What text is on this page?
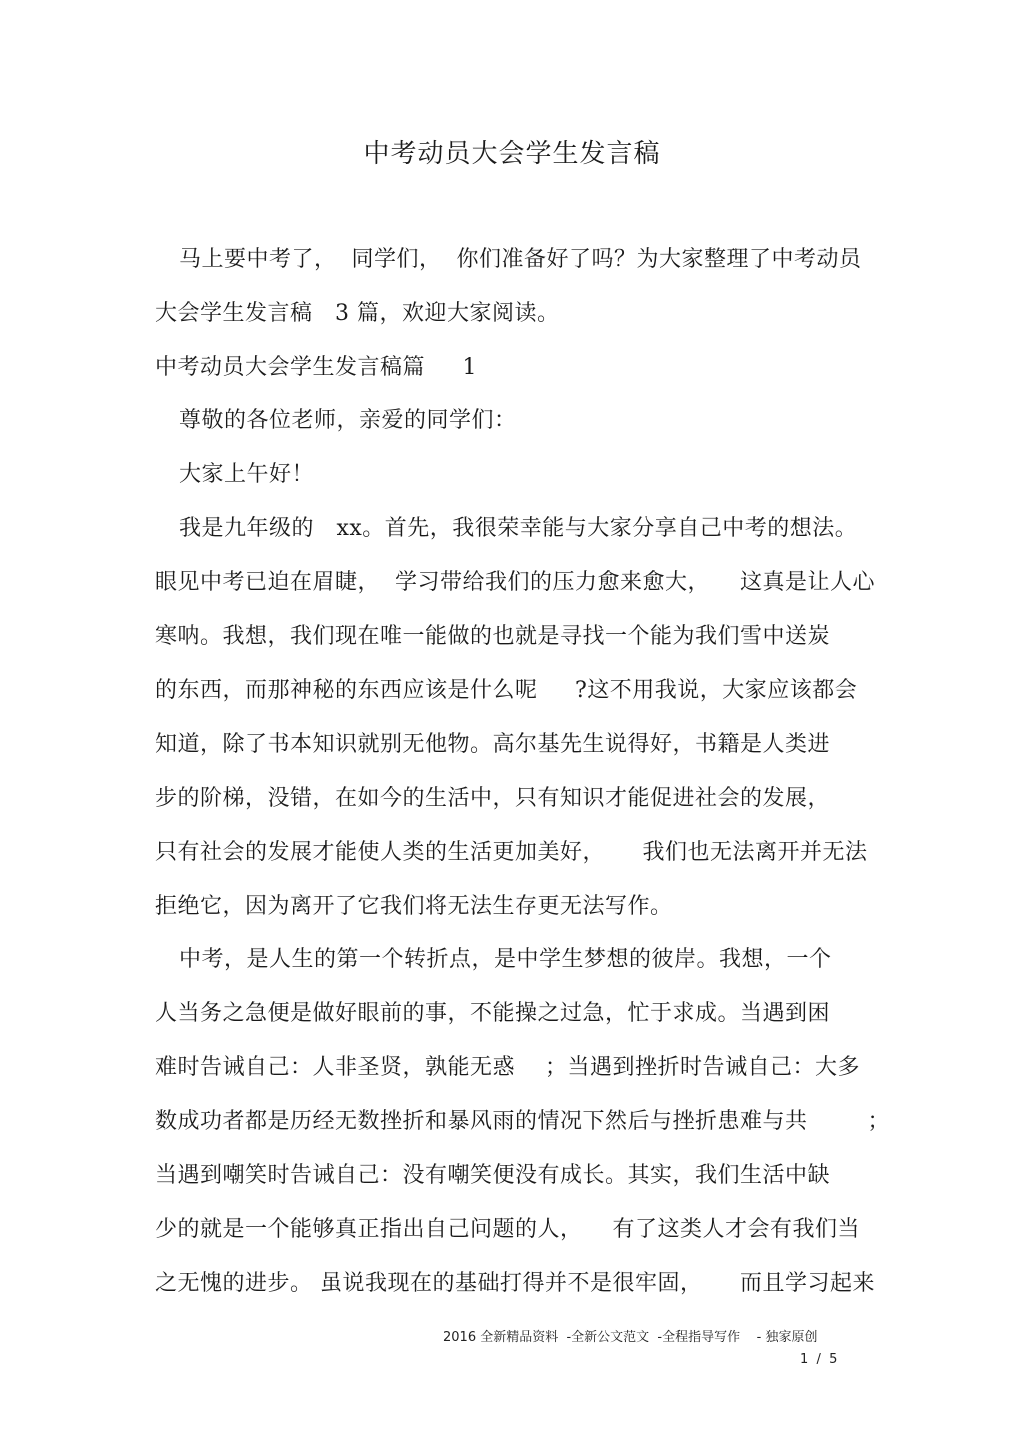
中考动员大会学生发言稿
马上要中考了，  同学们，  你们准备好了吗？为大家整理了中考动员
大会学生发言稿   3 篇，欢迎大家阅读。
中考动员大会学生发言稿篇     1
尊敬的各位老师，亲爱的同学们：
大家上午好！
我是九年级的   xx。首先，我很荣幸能与大家分享自己中考的想法。
眼见中考已迫在眉睫，  学习带给我们的压力愈来愈大，    这真是让人心
寒呐。我想，我们现在唯一能做的也就是寻找一个能为我们雪中送炭
的东西，而那神秘的东西应该是什么呢     ?这不用我说，大家应该都会
知道，除了书本知识就别无他物。高尔基先生说得好，书籍是人类进
步的阶梯，没错，在如今的生活中，只有知识才能促进社会的发展，
只有社会的发展才能使人类的生活更加美好，     我们也无法离开并无法
拒绝它，因为离开了它我们将无法生存更无法写作。
中考，是人生的第一个转折点，是中学生梦想的彼岸。我想，一个
人当务之急便是做好眼前的事，不能操之过急，忙于求成。当遇到困
难时告诫自己：人非圣贤，孰能无惑    ；当遇到挫折时告诫自己：大多
数成功者都是历经无数挫折和暴风雨的情况下然后与挫折患难与共        ；
当遇到嘲笑时告诫自己：没有嘲笑便没有成长。其实，我们生活中缺
少的就是一个能够真正指出自己问题的人，    有了这类人才会有我们当
之无愧的进步。 虽说我现在的基础打得并不是很牢固，     而且学习起来
2016 全新精品资料  -全新公文范文  -全程指导写作    - 独家原创
1  /  5
